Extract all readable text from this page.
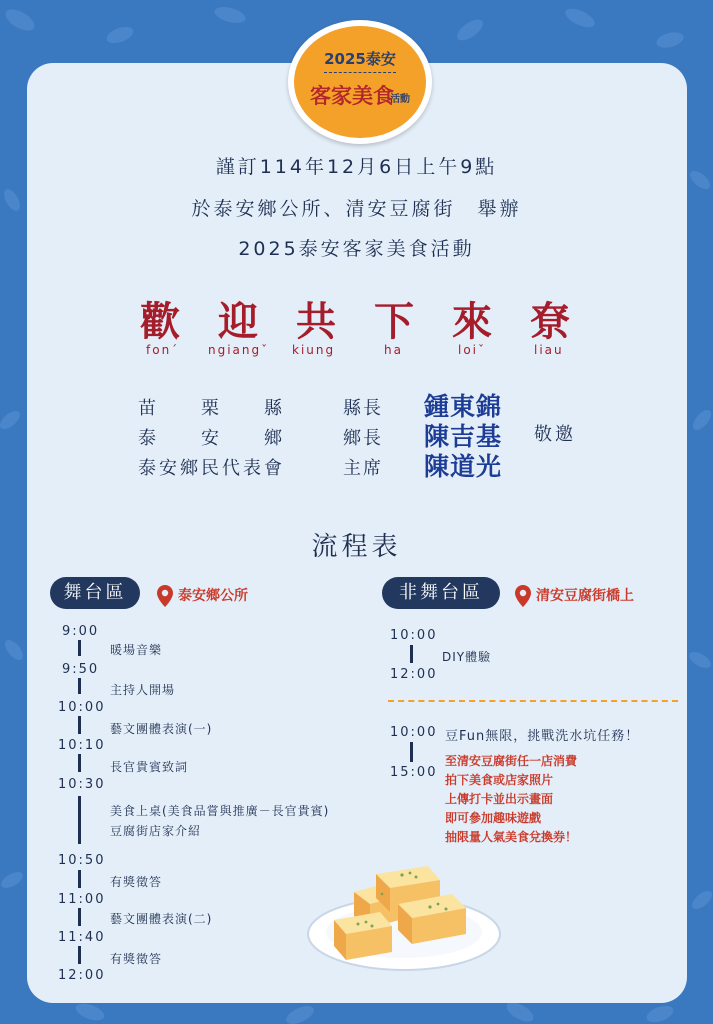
2025泰安
客家美食
活動
謹訂114年12月6日上午9點
於泰安鄉公所、清安豆腐街　舉辦
2025泰安客家美食活動
歡 迎 共 下 來 尞
fon´ ngiangˇ kiung	ha	loiˇ	liau
苗　　栗　　縣	縣長 鍾東錦
泰　　安　　鄉	鄉長 陳吉基
泰安鄉民代表會	主席 陳道光
敬邀
流程表
舞台區	泰安鄉公所	非舞台區	清安豆腐街橋上
9:00
暖場音樂
9:50
主持人開場
10:00
藝文團體表演(一)
10:10
長官貴賓致詞
10:30
美食上桌(美食品嘗與推廣－長官貴賓)
豆腐街店家介紹
10:50
有獎徵答
11:00
藝文團體表演(二)
11:40
有獎徵答
12:00
10:00
DIY體驗
12:00
10:00 豆Fun無限，挑戰洗水坑任務！
15:00
至清安豆腐街任一店消費
拍下美食或店家照片
上傳打卡並出示畫面
即可參加趣味遊戲
抽限量人氣美食兌換券！
